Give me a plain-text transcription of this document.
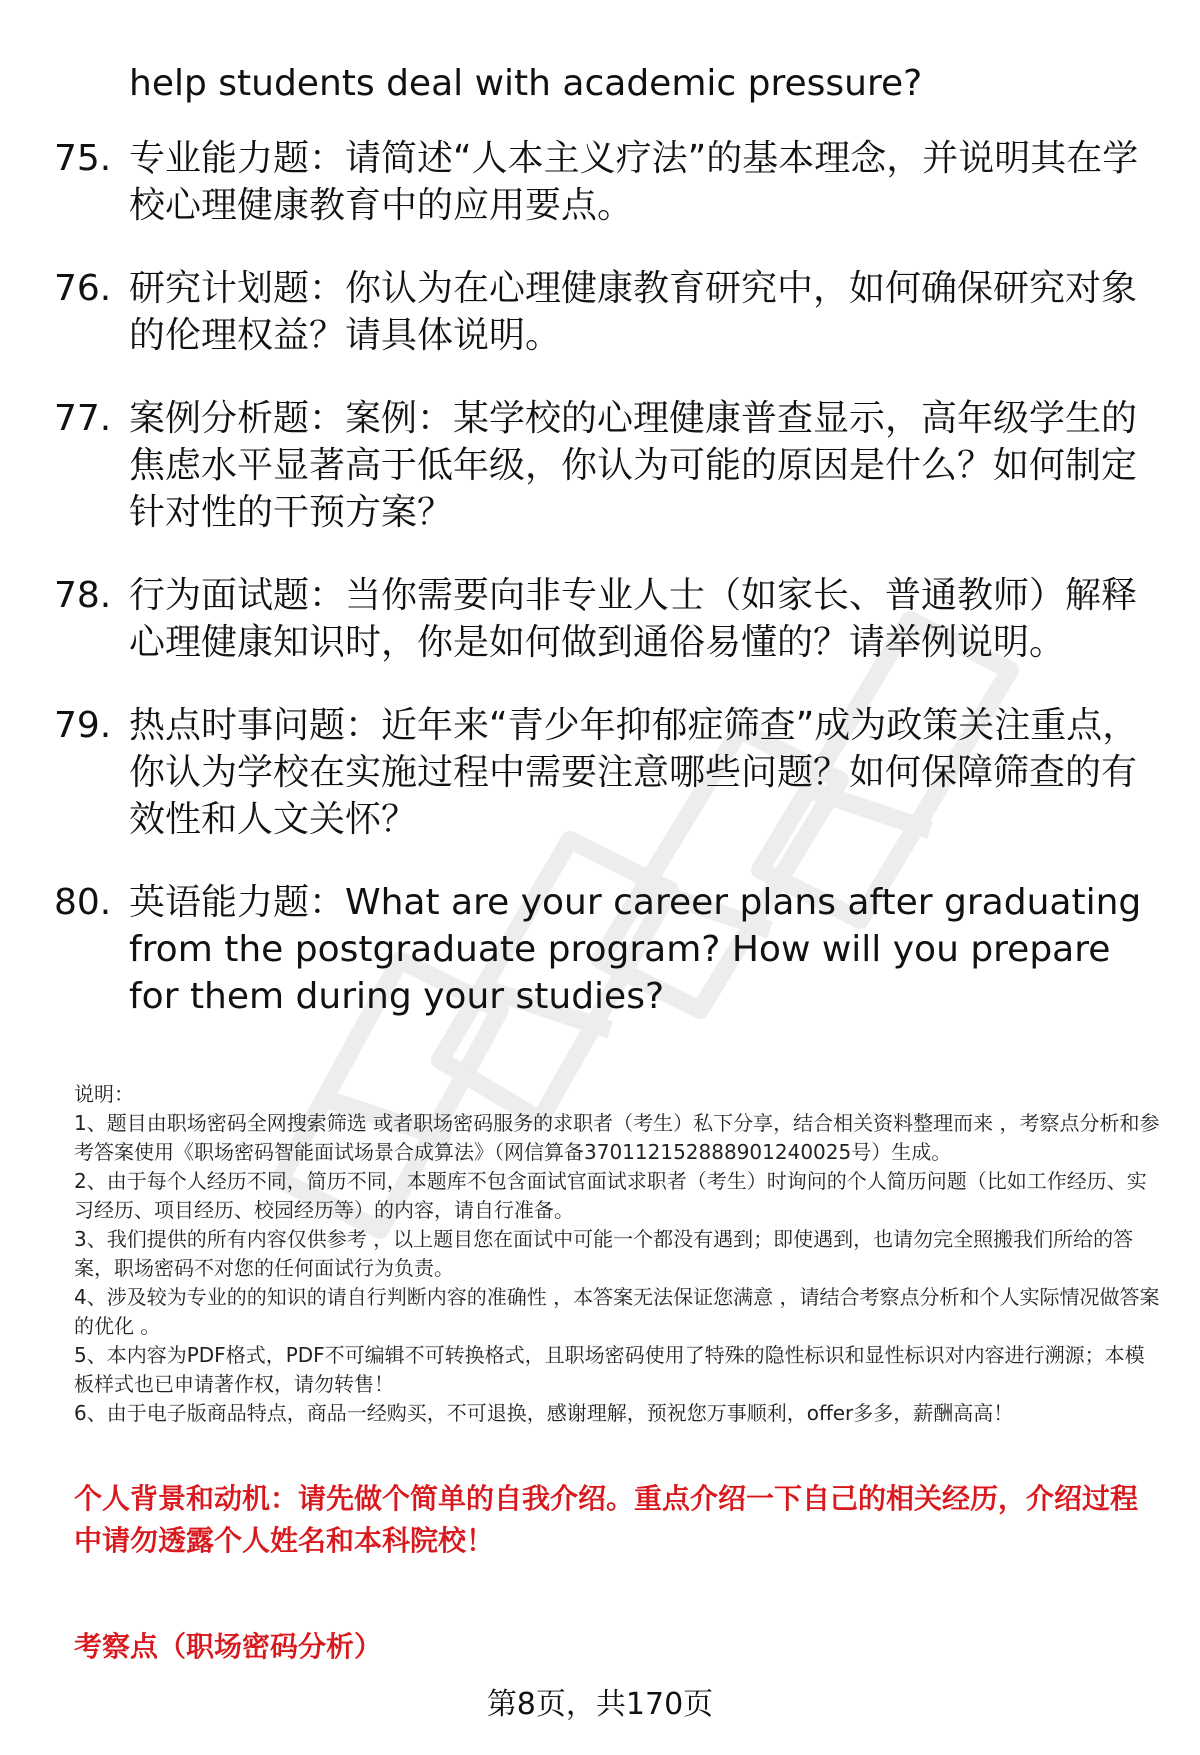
help students deal with academic pressure?
75. 专业能力题：请简述“人本主义疗法”的基本理念，并说明其在学校心理健康教育中的应用要点。
76. 研究计划题：你认为在心理健康教育研究中，如何确保研究对象的伦理权益？请具体说明。
77. 案例分析题：案例：某学校的心理健康普查显示，高年级学生的焦虑水平显著高于低年级，你认为可能的原因是什么？如何制定针对性的干预方案？
78. 行为面试题：当你需要向非专业人士（如家长、普通教师）解释心理健康知识时，你是如何做到通俗易懂的？请举例说明。
79. 热点时事问题：近年来“青少年抑郁症筛查”成为政策关注重点，你认为学校在实施过程中需要注意哪些问题？如何保障筛查的有效性和人文关怀？
80. 英语能力题：What are your career plans after graduating from the postgraduate program? How will you prepare for them during your studies?

说明：

1、题目由职场密码全网搜索筛选 或者职场密码服务的求职者（考生）私下分享，结合相关资料整理而来 ，考察点分析和参考答案使用《职场密码智能面试场景合成算法》（网信算备370112152888901240025号）生成。

2、由于每个人经历不同，简历不同，本题库不包含面试官面试求职者（考生）时询问的个人简历问题（比如工作经历、实习经历、项目经历、校园经历等）的内容，请自行准备。

3、我们提供的所有内容仅供参考 ，以上题目您在面试中可能一个都没有遇到；即使遇到，也请勿完全照搬我们所给的答案，职场密码不对您的任何面试行为负责。

4、涉及较为专业的的知识的请自行判断内容的准确性 ，本答案无法保证您满意 ，请结合考察点分析和个人实际情况做答案的优化 。

5、本内容为PDF格式，PDF不可编辑不可转换格式，且职场密码使用了特殊的隐性标识和显性标识对内容进行溯源；本模板样式也已申请著作权，请勿转售！

6、由于电子版商品特点，商品一经购买，不可退换，感谢理解，预祝您万事顺利，offer多多，薪酬高高！

个人背景和动机：请先做个简单的自我介绍。重点介绍一下自己的相关经历，介绍过程中请勿透露个人姓名和本科院校！
考察点（职场密码分析）
第8页，共170页
